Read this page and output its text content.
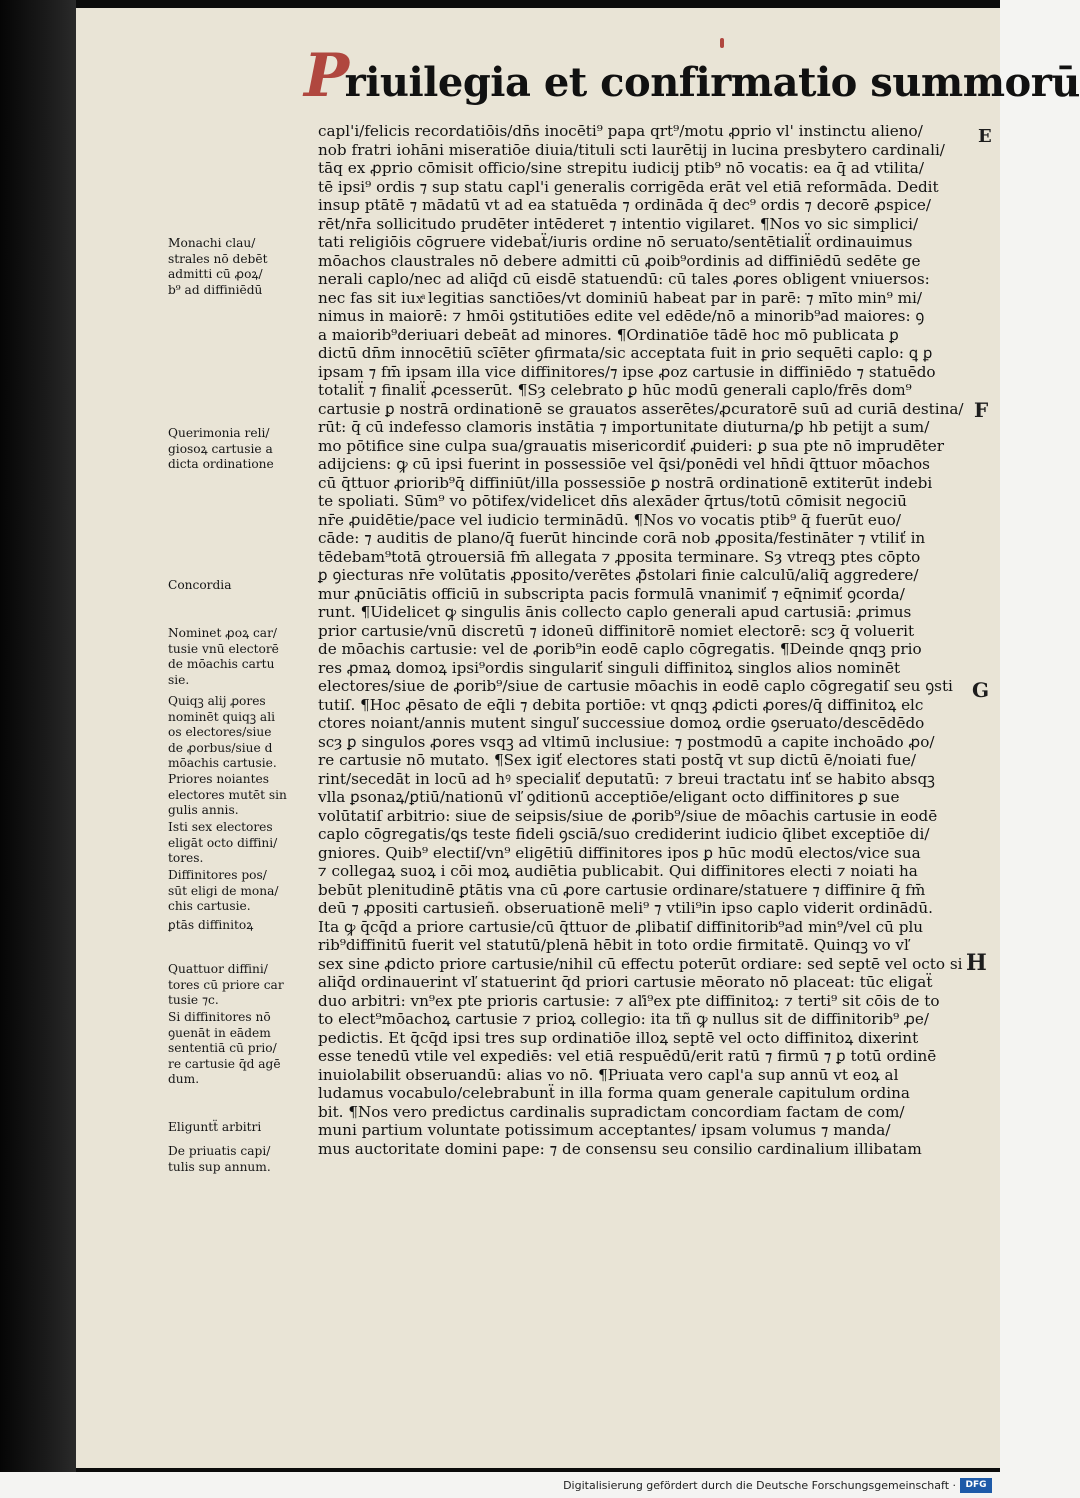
Priuilegia et confirmatio summorū

capl'i/felicis recordatiōis/dn̄s inocēti⁹ papa qrt⁹/motu ꝓprio vl' instinctu alieno/

nob fratri iohāni miseratiōe diuia/tituli scti laurētij in lucina presbytero cardinali/

tāq ex ꝓprio cōmisit officio/sine strepitu iudicij ptib⁹ nō vocatis: ea q̄ ad vtilita/

tē ipsi⁹ ordis ⁊ sup statu capl'i generalis corrigēda erāt vel etiā reformāda. Dedit

insup ptātē ⁊ mādatū vt ad ea statuēda ⁊ ordināda q̄ dec⁹ ordis ⁊ decorē ꝓspice/

rēt/nr̄a sollicitudo prudēter intēderet ⁊ intentio vigilaret. ¶Nos vo sic simplici/

tati religiōis cōgruere videbaẗ/iuris ordine nō seruato/sentētialiẗ ordinauimus

mōachos claustrales nō debere admitti cū ꝓoib⁹ordinis ad diffiniēdū sedēte ge

nerali caplo/nec ad aliq̄d cū eisdē statuendū: cū tales ꝓores obligent vniuersos:

nec fas sit iuxͣ legitias sanctiōes/vt dominiū habeat par in parē: ⁊ mīto min⁹ mi/

nimus in maiorē: ⁊ hmōi ꝯstitutiōes edite vel edēde/nō a minorib⁹ad maiores: ꝯ

a maiorib⁹deriuari debeāt ad minores. ¶Ordinatiōe tādē hoc mō publicata ꝑ

dictū dn̄m innocētiū scīēter ꝯfirmata/sic acceptata fuit in ꝑrio sequēti caplo: ꝗ ꝑ

ipsam ⁊ fm̄ ipsam illa vice diffinitores/⁊ ipse ꝓoz cartusie in diffiniēdo ⁊ statuēdo

totaliẗ ⁊ finaliẗ ꝓcesserūt. ¶Sȝ celebrato ꝑ hūc modū generali caplo/frēs dom⁹

cartusie ꝑ nostrā ordinationē se grauatos asserētes/ꝓcuratorē suū ad curiā destina/

rūt: q̄ cū indefesso clamoris instātia ⁊ importunitate diuturna/ꝑ hb petijt a sum/

mo pōtifice sine culpa sua/grauatis misericordiť ꝓuideri: ꝑ sua pte nō imprudēter

adijciens: ꝙ cū ipsi fuerint in possessiōe vel q̄si/ponēdi vel hn̄di q̄ttuor mōachos

cū q̄ttuor ꝓriorib⁹q̄ diffiniūt/illa possessiōe ꝑ nostrā ordinationē extiterūt indebi

te spoliati. Sūm⁹ vo pōtifex/videlicet dn̄s alexāder q̄rtus/totū cōmisit negociū

nr̄e ꝓuidētie/pace vel iudicio terminādū. ¶Nos vo vocatis ptib⁹ q̄ fuerūt euo/

cāde: ⁊ auditis de plano/q̄ fuerūt hincinde corā nob ꝓposita/festināter ⁊ vtiliť in

tēdebam⁹totā ꝯtrouersiā fm̄ allegata ⁊ ꝓposita terminare. Sȝ vtreqꝫ ptes cōpto

ꝑ ꝯiecturas nr̄e volūtatis ꝓposito/verētes ꝓ̄stolari finie calculū/aliq̄ aggredere/

mur ꝓnūciātis officiū in subscripta pacis formulā vnanimiť ⁊ eq̄nimiť ꝯcorda/

runt. ¶Uidelicet ꝙ singulis ānis collecto caplo generali apud cartusiā: ꝓrimus

prior cartusie/vnū discretū ⁊ idoneū diffinitorē nomiet electorē: scȝ q̄ voluerit

de mōachis cartusie: vel de ꝓorib⁹in eodē caplo cōgregatis. ¶Deinde qnqꝫ prio

res ꝓmaꝝ domoꝝ ipsi⁹ordis singulariť singuli diffinitoꝝ singlos alios nominēt

electores/siue de ꝓorib⁹/siue de cartusie mōachis in eodē caplo cōgregatiſ seu ꝯsti

tutiſ. ¶Hoc ꝓēsato de eq̄li ⁊ debita portiōe: vt qnqꝫ ꝓdicti ꝓores/q̄ diffinitoꝝ elc

ctores noiant/annis mutent singuľ successiue domoꝝ ordie ꝯseruato/descēdēdo

scȝ ꝑ singulos ꝓores vsqꝫ ad vltimū inclusiue: ⁊ postmodū a capite inchoādo ꝓo/

re cartusie nō mutato. ¶Sex igiť electores stati postq̄ vt sup dictū ē/noiati fue/

rint/secedāt in locū ad hꝰ specialiť deputatū: ⁊ breui tractatu inť se habito absqꝫ

vlla ꝑsonaꝝ/ꝑtiū/nationū vľ ꝯditionū acceptiōe/eligant octo diffinitores ꝑ sue

volūtatiſ arbitrio: siue de seipsis/siue de ꝓorib⁹/siue de mōachis cartusie in eodē

caplo cōgregatis/ꝗs teste fideli ꝯsciā/suo crediderint iudicio q̄libet exceptiōe di/

gniores. Quib⁹ electiſ/vn⁹ eligētiū diffinitores ipos ꝑ hūc modū electos/vice sua

⁊ collegaꝝ suoꝝ i cōi moꝝ audiētia publicabit. Qui diffinitores electi ⁊ noiati ha

bebūt plenitudinē ꝑtātis vna cū ꝓore cartusie ordinare/statuere ⁊ diffinire q̄ fm̄

deū ⁊ ꝓpositi cartusieñ. obseruationē meli⁹ ⁊ vtili⁹in ipso caplo viderit ordinādū.

Ita ꝙ q̄cq̄d a priore cartusie/cū q̄ttuor de ꝓlibatiſ diffinitorib⁹ad min⁹/vel cū plu

rib⁹diffinitū fuerit vel statutū/plenā hēbit in toto ordie firmitatē. Quinqꝫ vo vľ

sex sine ꝓdicto priore cartusie/nihil cū effectu poterūt ordiare: sed septē vel octo si

aliq̄d ordinauerint vľ statuerint q̄d priori cartusie mēorato nō placeat: tūc eligaẗ

duo arbitri: vn⁹ex pte prioris cartusie: ⁊ aľi⁹ex pte diffinitoꝝ: ⁊ terti⁹ sit cōis de to

to elect⁹mōachoꝝ cartusie ⁊ prioꝝ collegio: ita tñ ꝙ nullus sit de diffinitorib⁹ ꝓe/

pedictis. Et q̄cq̄d ipsi tres sup ordinatiōe illoꝝ septē vel octo diffinitoꝝ dixerint

esse tenedū vtile vel expediēs: vel etiā respuēdū/erit ratū ⁊ firmū ⁊ ꝑ totū ordinē

inuiolabilit obseruandū: alias vo nō. ¶Priuata vero capl'a sup annū vt eoꝝ al

ludamus vocabulo/celebrabunẗ in illa forma quam generale capitulum ordina

bit. ¶Nos vero predictus cardinalis supradictam concordiam factam de com/

muni partium voluntate potissimum acceptantes/ ipsam volumus ⁊ manda/

mus auctoritate domini pape: ⁊ de consensu seu consilio cardinalium illibatam

Monachi clau/

strales nō debēt

admitti cū ꝓoꝝ/

b⁹ ad diffiniēdū

Querimonia reli/

giosoꝝ cartusie a

dicta ordinatione

Concordia

Nominet ꝓoꝝ car/

tusie vnū electorē

de mōachis cartu

sie.

Quiqꝫ alij ꝓores

nominēt quiqꝫ ali

os electores/siue

de ꝓorbus/siue d

mōachis cartusie.

Priores noiantes

electores mutēt sin

gulis annis.

Isti sex electores

eligāt octo diffini/

tores.

Diffinitores pos/

sūt eligi de mona/

chis cartusie.

ꝑtās diffinitoꝝ

Quattuor diffini/

tores cū priore car

tusie ⁊c.

Si diffinitores nō

ꝯuenāt in eādem

sententiā cū prio/

re cartusie q̄d agē

dum.

Eliguntẗ arbitri

De priuatis capi/

tulis sup annum.

E
F
G
H
Digitalisierung gefördert durch die Deutsche Forschungsgemeinschaft ·	DFG
